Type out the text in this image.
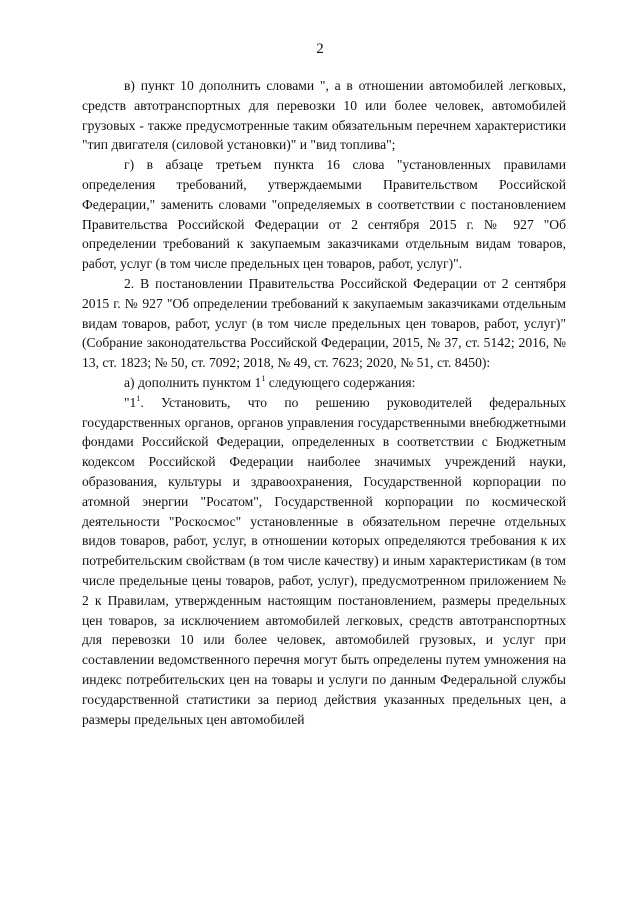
2

в) пункт 10 дополнить словами ", а в отношении автомобилей легковых, средств автотранспортных для перевозки 10 или более человек, автомобилей грузовых - также предусмотренные таким обязательным перечнем характеристики "тип двигателя (силовой установки)" и "вид топлива";

г) в абзаце третьем пункта 16 слова "установленных правилами определения требований, утверждаемыми Правительством Российской Федерации," заменить словами "определяемых в соответствии с постановлением Правительства Российской Федерации от 2 сентября 2015 г. № 927 "Об определении требований к закупаемым заказчиками отдельным видам товаров, работ, услуг (в том числе предельных цен товаров, работ, услуг)".

2. В постановлении Правительства Российской Федерации от 2 сентября 2015 г. № 927 "Об определении требований к закупаемым заказчиками отдельным видам товаров, работ, услуг (в том числе предельных цен товаров, работ, услуг)" (Собрание законодательства Российской Федерации, 2015, № 37, ст. 5142; 2016, № 13, ст. 1823; № 50, ст. 7092; 2018, № 49, ст. 7623; 2020, № 51, ст. 8450):

а) дополнить пунктом $1^1$ следующего содержания:

"$1^1$. Установить, что по решению руководителей федеральных государственных органов, органов управления государственными внебюджетными фондами Российской Федерации, определенных в соответствии с Бюджетным кодексом Российской Федерации наиболее значимых учреждений науки, образования, культуры и здравоохранения, Государственной корпорации по атомной энергии "Росатом", Государственной корпорации по космической деятельности "Роскосмос" установленные в обязательном перечне отдельных видов товаров, работ, услуг, в отношении которых определяются требования к их потребительским свойствам (в том числе качеству) и иным характеристикам (в том числе предельные цены товаров, работ, услуг), предусмотренном приложением № 2 к Правилам, утвержденным настоящим постановлением, размеры предельных цен товаров, за исключением автомобилей легковых, средств автотранспортных для перевозки 10 или более человек, автомобилей грузовых, и услуг при составлении ведомственного перечня могут быть определены путем умножения на индекс потребительских цен на товары и услуги по данным Федеральной службы государственной статистики за период действия указанных предельных цен, а размеры предельных цен автомобилей
